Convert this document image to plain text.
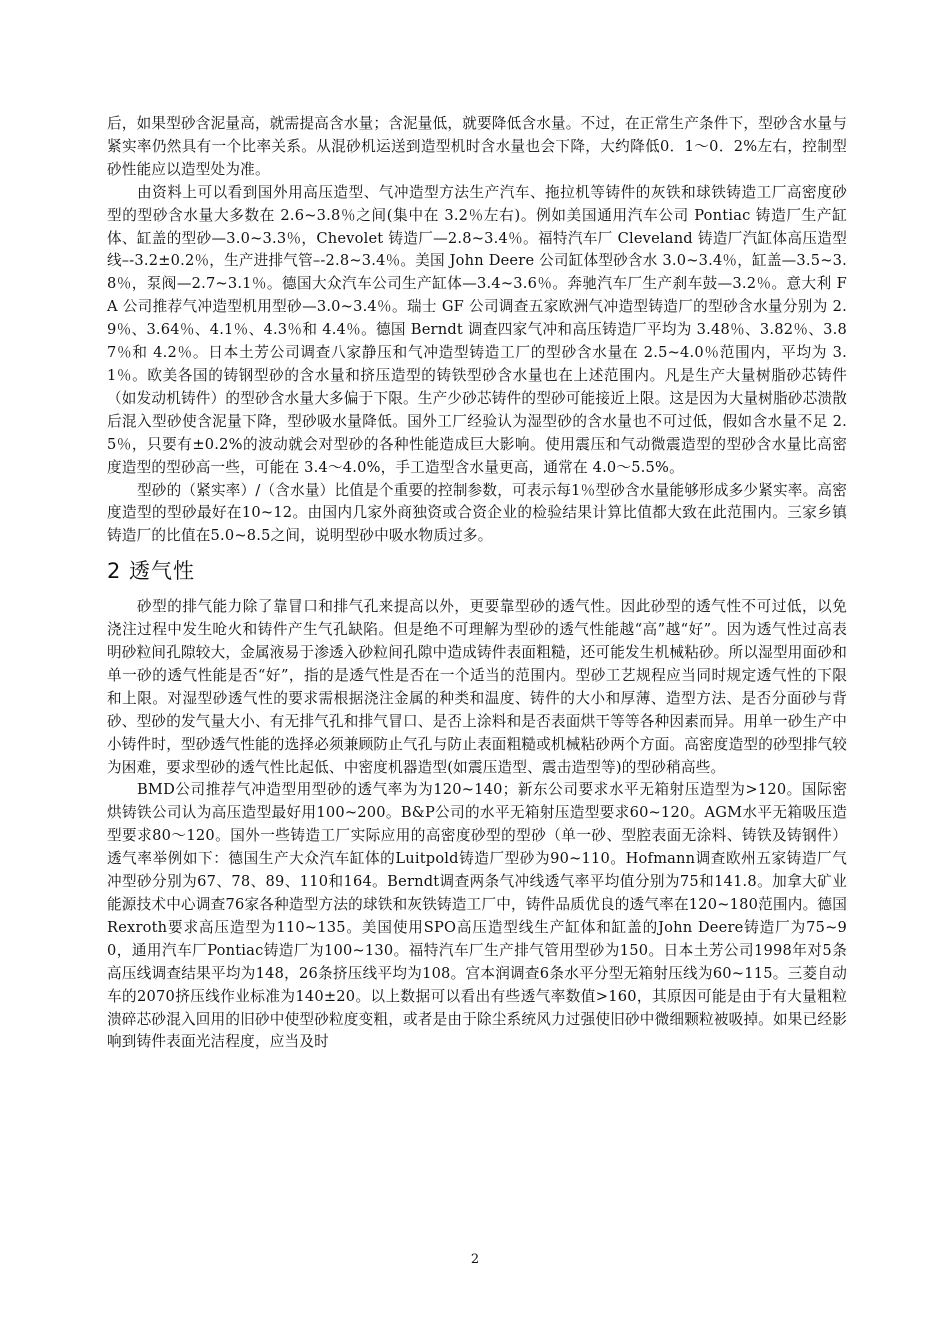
后，如果型砂含泥量高，就需提高含水量；含泥量低，就要降低含水量。不过，在正常生产条件下，型砂含水量与紧实率仍然具有一个比率关系。从混砂机运送到造型机时含水量也会下降，大约降低0．1～0．2%左右，控制型砂性能应以造型处为准。

由资料上可以看到国外用高压造型、气冲造型方法生产汽车、拖拉机等铸件的灰铁和球铁铸造工厂高密度砂型的型砂含水量大多数在 2.6~3.8％之间(集中在 3.2％左右)。例如美国通用汽车公司 Pontiac 铸造厂生产缸体、缸盖的型砂—3.0~3.3％，Chevolet 铸造厂—2.8~3.4％。福特汽车厂 Cleveland 铸造厂汽缸体高压造型线–-3.2±0.2％，生产进排气管–-2.8~3.4％。美国 John Deere 公司缸体型砂含水 3.0~3.4％，缸盖—3.5~3.8％，泵阀—2.7~3.1％。德国大众汽车公司生产缸体—3.4~3.6％。奔驰汽车厂生产刹车鼓—3.2％。意大利 FA 公司推荐气冲造型机用型砂—3.0~3.4％。瑞士 GF 公司调查五家欧洲气冲造型铸造厂的型砂含水量分别为 2.9％、3.64％、4.1％、4.3％和 4.4％。德国 Berndt 调查四家气冲和高压铸造厂平均为 3.48％、3.82％、3.87％和 4.2％。日本土芳公司调查八家静压和气冲造型铸造工厂的型砂含水量在 2.5~4.0％范围内，平均为 3.1％。欧美各国的铸钢型砂的含水量和挤压造型的铸铁型砂含水量也在上述范围内。凡是生产大量树脂砂芯铸件（如发动机铸件）的型砂含水量大多偏于下限。生产少砂芯铸件的型砂可能接近上限。这是因为大量树脂砂芯溃散后混入型砂使含泥量下降，型砂吸水量降低。国外工厂经验认为湿型砂的含水量也不可过低，假如含水量不足 2.5％，只要有±0.2%的波动就会对型砂的各种性能造成巨大影响。使用震压和气动微震造型的型砂含水量比高密度造型的型砂高一些，可能在 3.4～4.0%，手工造型含水量更高，通常在 4.0～5.5%。

型砂的（紧实率）/（含水量）比值是个重要的控制参数，可表示每1％型砂含水量能够形成多少紧实率。高密度造型的型砂最好在10~12。由国内几家外商独资或合资企业的检验结果计算比值都大致在此范围内。三家乡镇铸造厂的比值在5.0~8.5之间，说明型砂中吸水物质过多。

2 透气性

砂型的排气能力除了靠冒口和排气孔来提高以外，更要靠型砂的透气性。因此砂型的透气性不可过低，以免浇注过程中发生呛火和铸件产生气孔缺陷。但是绝不可理解为型砂的透气性能越“高”越“好”。因为透气性过高表明砂粒间孔隙较大，金属液易于渗透入砂粒间孔隙中造成铸件表面粗糙，还可能发生机械粘砂。所以湿型用面砂和单一砂的透气性能是否“好”，指的是透气性是否在一个适当的范围内。型砂工艺规程应当同时规定透气性的下限和上限。对湿型砂透气性的要求需根据浇注金属的种类和温度、铸件的大小和厚薄、造型方法、是否分面砂与背砂、型砂的发气量大小、有无排气孔和排气冒口、是否上涂料和是否表面烘干等等各种因素而异。用单一砂生产中小铸件时，型砂透气性能的选择必须兼顾防止气孔与防止表面粗糙或机械粘砂两个方面。高密度造型的砂型排气较为困难，要求型砂的透气性比起低、中密度机器造型(如震压造型、震击造型等)的型砂稍高些。

BMD公司推荐气冲造型用型砂的透气率为为120~140；新东公司要求水平无箱射压造型为>120。国际密烘铸铁公司认为高压造型最好用100~200。B&P公司的水平无箱射压造型要求60~120。AGM水平无箱吸压造型要求80～120。国外一些铸造工厂实际应用的高密度砂型的型砂（单一砂、型腔表面无涂料、铸铁及铸钢件）透气率举例如下：德国生产大众汽车缸体的Luitpold铸造厂型砂为90~110。Hofmann调查欧州五家铸造厂气冲型砂分别为67、78、89、110和164。Berndt调查两条气冲线透气率平均值分别为75和141.8。加拿大矿业能源技术中心调查76家各种造型方法的球铁和灰铁铸造工厂中，铸件品质优良的透气率在120~180范围内。德国Rexroth要求高压造型为110~135。美国使用SPO高压造型线生产缸体和缸盖的John Deere铸造厂为75~90，通用汽车厂Pontiac铸造厂为100~130。福特汽车厂生产排气管用型砂为150。日本土芳公司1998年对5条高压线调查结果平均为148，26条挤压线平均为108。宫本润调查6条水平分型无箱射压线为60~115。三菱自动车的2070挤压线作业标准为140±20。以上数据可以看出有些透气率数值>160，其原因可能是由于有大量粗粒溃碎芯砂混入回用的旧砂中使型砂粒度变粗，或者是由于除尘系统风力过强使旧砂中微细颗粒被吸掉。如果已经影响到铸件表面光洁程度，应当及时

2
